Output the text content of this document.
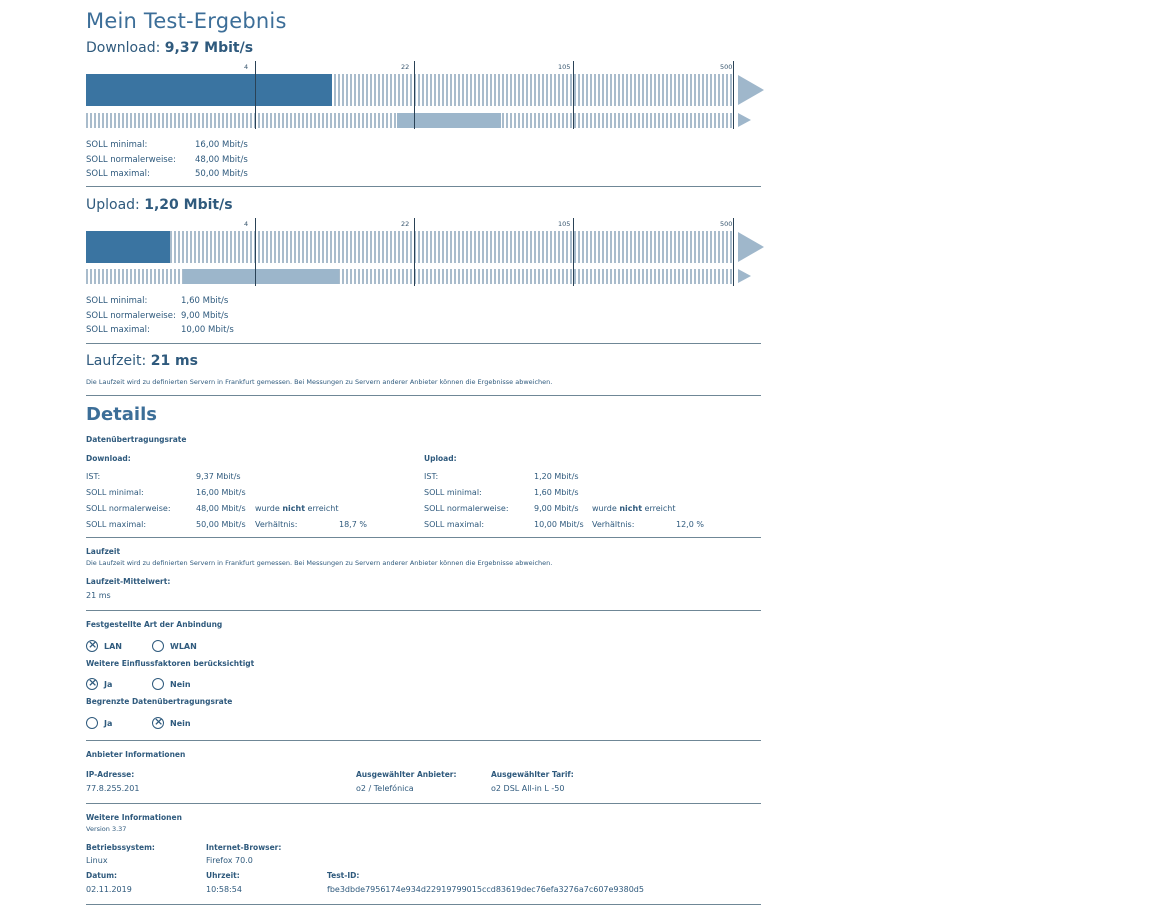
Mein Test-Ergebnis
Download: 9,37 Mbit/s
4	22	105	500
SOLL minimal:	16,00 Mbit/s
SOLL normalerweise: 48,00 Mbit/s
SOLL maximal:	50,00 Mbit/s
Upload: 1,20 Mbit/s
4	22	105	500
SOLL minimal:	1,60 Mbit/s
SOLL normalerweise: 9,00 Mbit/s
SOLL maximal:	10,00 Mbit/s
Laufzeit: 21 ms
Die Laufzeit wird zu definierten Servern in Frankfurt gemessen. Bei Messungen zu Servern anderer Anbieter können die Ergebnisse abweichen.
Details
Datenübertragungsrate
Download:
IST:	9,37 Mbit/s
SOLL minimal:	16,00 Mbit/s
SOLL normalerweise:	48,00 Mbit/s wurde nicht erreicht
SOLL maximal:	50,00 Mbit/s Verhältnis:	18,7 %
Upload:
IST:	1,20 Mbit/s
SOLL minimal:	1,60 Mbit/s
SOLL normalerweise:	9,00 Mbit/s wurde nicht erreicht
SOLL maximal:	10,00 Mbit/s Verhältnis:	12,0 %
Laufzeit
Die Laufzeit wird zu definierten Servern in Frankfurt gemessen. Bei Messungen zu Servern anderer Anbieter können die Ergebnisse abweichen.
Laufzeit-Mittelwert:
21 ms
Festgestellte Art der Anbindung
×
LAN	WLAN
Weitere Einflussfaktoren berücksichtigt
×
Ja	Nein
Begrenzte Datenübertragungsrate
Ja
×	Nein
Anbieter Informationen
IP-Adresse:
77.8.255.201
Ausgewählter Anbieter:
o2 / Telefónica
Ausgewählter Tarif:
o2 DSL All-in L -50
Weitere Informationen
Version 3.37
Betriebssystem:
Linux
Internet-Browser:
Firefox 70.0
Datum:
02.11.2019
Uhrzeit:
10:58:54
Test-ID:
fbe3dbde7956174e934d22919799015ccd83619dec76efa3276a7c607e9380d5
